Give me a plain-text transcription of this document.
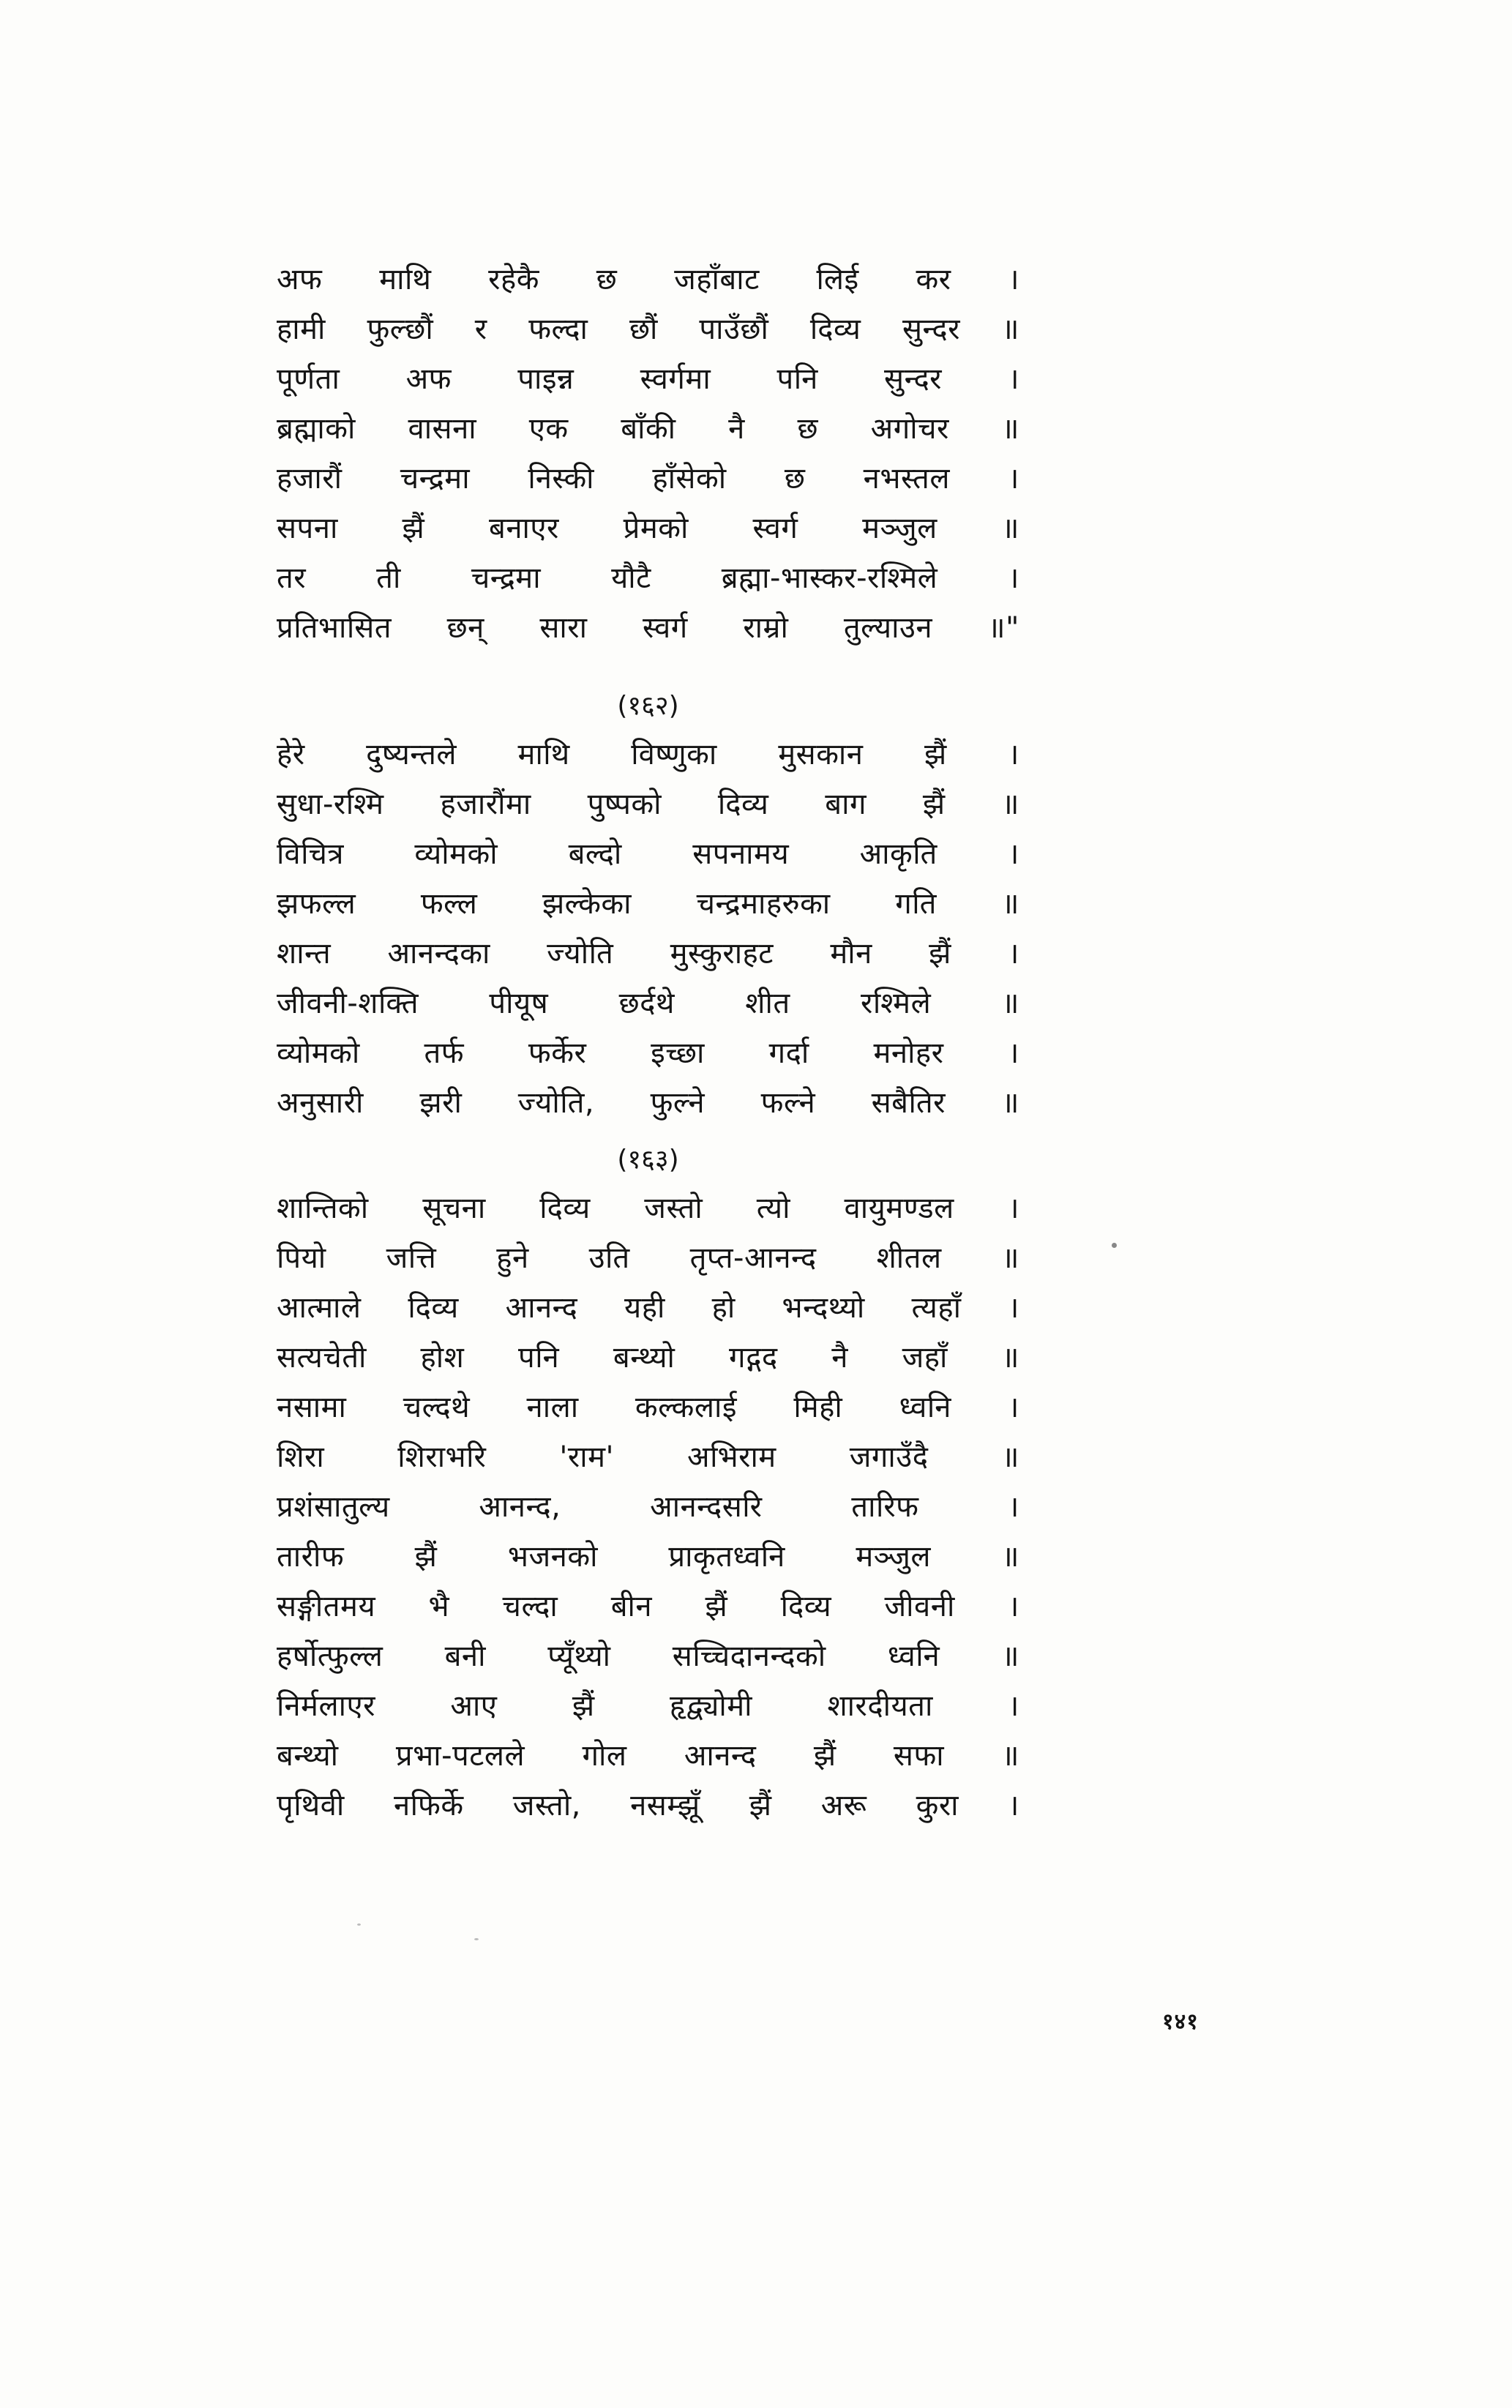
अफ माथि रहेकै छ जहाँबाट लिई कर ।
हामी फुल्छौं र फल्दा छौं पाउँछौं दिव्य सुन्दर ॥
पूर्णता अफ पाइन्न स्वर्गमा पनि सुन्दर ।
ब्रह्माको वासना एक बाँकी नै छ अगोचर ॥
हजारौं चन्द्रमा निस्की हाँसेको छ नभस्तल ।
सपना झैं बनाएर प्रेमको स्वर्ग मञ्जुल ॥
तर ती चन्द्रमा यौटै ब्रह्मा-भास्कर-रश्मिले ।
प्रतिभासित छन् सारा स्वर्ग राम्रो तुल्याउन ॥"
(१६२)
हेरे दुष्यन्तले माथि विष्णुका मुसकान झैं ।
सुधा-रश्मि हजारौंमा पुष्पको दिव्य बाग झैं ॥
विचित्र व्योमको बल्दो सपनामय आकृति ।
झफल्ल फल्ल झल्केका चन्द्रमाहरुका गति ॥
शान्त आनन्दका ज्योति मुस्कुराहट मौन झैं ।
जीवनी-शक्ति पीयूष छर्दथे शीत रश्मिले ॥
व्योमको तर्फ फर्केर इच्छा गर्दा मनोहर ।
अनुसारी झरी ज्योति, फुल्ने फल्ने सबैतिर ॥
(१६३)
शान्तिको सूचना दिव्य जस्तो त्यो वायुमण्डल ।
पियो जत्ति हुने उति तृप्त-आनन्द शीतल ॥
आत्माले दिव्य आनन्द यही हो भन्दथ्यो त्यहाँ ।
सत्यचेती होश पनि बन्थ्यो गद्गद नै जहाँ ॥
नसामा चल्दथे नाला कल्कलाई मिही ध्वनि ।
शिरा	शिराभरि	'राम'	अभिराम	जगाउँदै	॥
प्रशंसातुल्य	आनन्द,	आनन्दसरि	तारिफ	।
तारीफ झैं भजनको प्राकृतध्वनि मञ्जुल ॥
सङ्गीतमय भै चल्दा बीन झैं दिव्य जीवनी ।
हर्षोत्फुल्ल बनी प्यूँथ्यो सच्चिदानन्दको ध्वनि ॥
निर्मलाएर	आए	झैं	हृद्व्योमी	शारदीयता	।
बन्थ्यो प्रभा-पटलले गोल आनन्द झैं सफा ॥
पृथिवी नफिर्के जस्तो, नसम्झूँ झैं अरू कुरा ।
१४१
